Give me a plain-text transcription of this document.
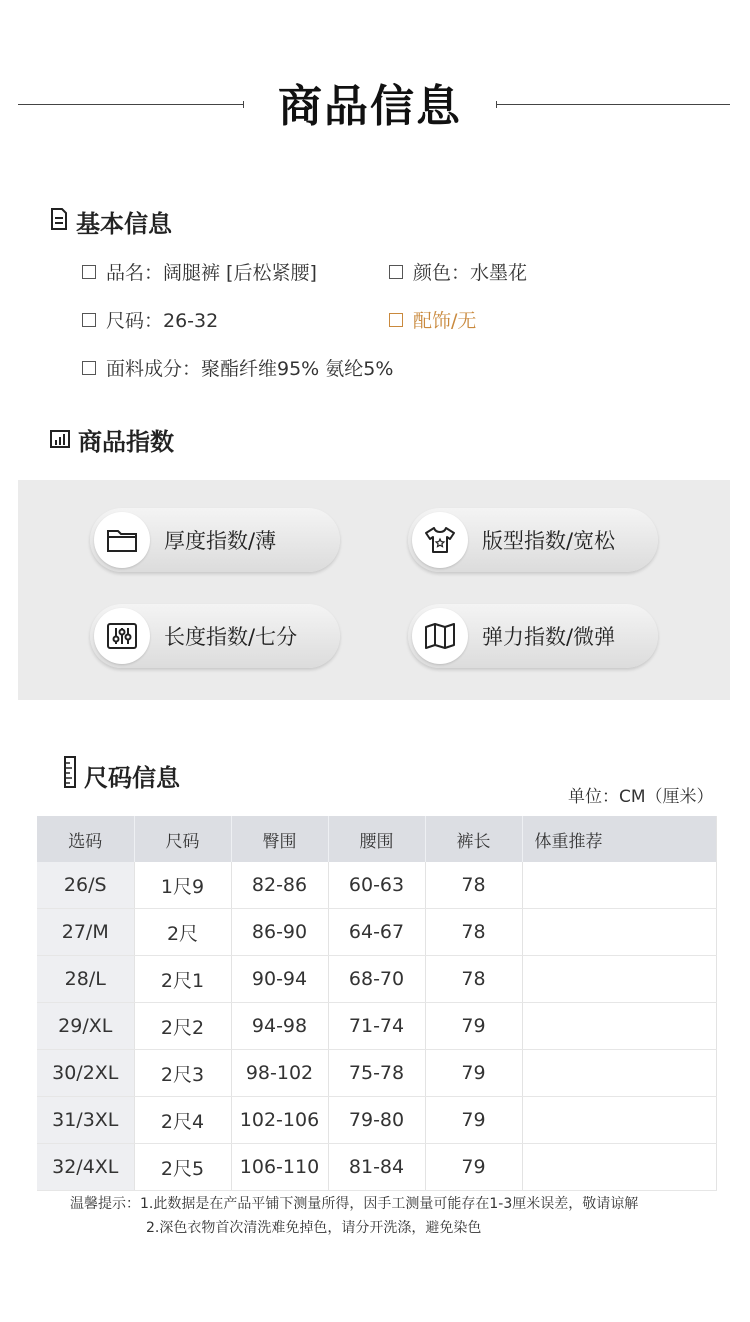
商品信息
基本信息
品名：阔腿裤 [后松紧腰]	颜色：水墨花
尺码：26-32	配饰/无
面料成分：聚酯纤维95% 氨纶5%
商品指数
厚度指数/薄	版型指数/宽松
长度指数/七分	弹力指数/微弹
尺码信息
单位：CM（厘米）
选码	尺码	臀围	腰围	裤长	体重推荐
26/S	1尺9	82-86	60-63	78	
27/M	2尺	86-90	64-67	78	
28/L	2尺1	90-94	68-70	78	
29/XL	2尺2	94-98	71-74	79	
30/2XL	2尺3	98-102	75-78	79	
31/3XL	2尺4	102-106	79-80	79	
32/4XL	2尺5	106-110	81-84	79	
温馨提示：1.此数据是在产品平铺下测量所得，因手工测量可能存在1-3厘米误差，敬请谅解
2.深色衣物首次清洗难免掉色，请分开洗涤，避免染色
